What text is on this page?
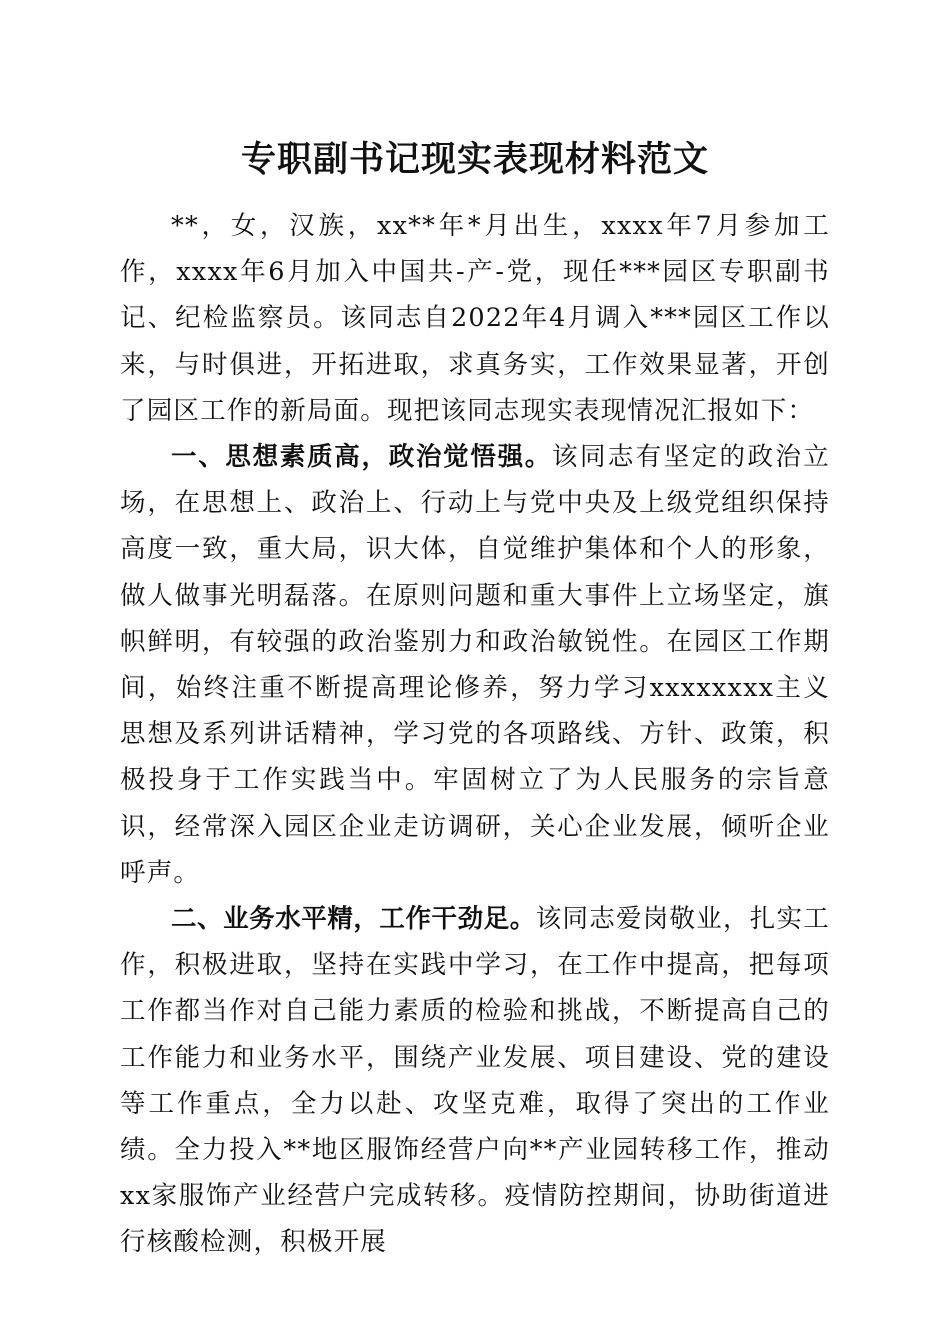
专职副书记现实表现材料范文

**，女，汉族，xx**年*月出生，xxxx年7月参加工作，xxxx年6月加入中国共-产-党，现任***园区专职副书记、纪检监察员。该同志自2022年4月调入***园区工作以来，与时俱进，开拓进取，求真务实，工作效果显著，开创了园区工作的新局面。现把该同志现实表现情况汇报如下：

一、思想素质高，政治觉悟强。该同志有坚定的政治立场，在思想上、政治上、行动上与党中央及上级党组织保持高度一致，重大局，识大体，自觉维护集体和个人的形象，做人做事光明磊落。在原则问题和重大事件上立场坚定，旗帜鲜明，有较强的政治鉴别力和政治敏锐性。在园区工作期间，始终注重不断提高理论修养，努力学习xxxxxxxx主义思想及系列讲话精神，学习党的各项路线、方针、政策，积极投身于工作实践当中。牢固树立了为人民服务的宗旨意识，经常深入园区企业走访调研，关心企业发展，倾听企业呼声。

二、业务水平精，工作干劲足。该同志爱岗敬业，扎实工作，积极进取，坚持在实践中学习，在工作中提高，把每项工作都当作对自己能力素质的检验和挑战，不断提高自己的工作能力和业务水平，围绕产业发展、项目建设、党的建设等工作重点，全力以赴、攻坚克难，取得了突出的工作业绩。全力投入**地区服饰经营户向**产业园转移工作，推动xx家服饰产业经营户完成转移。疫情防控期间，协助街道进行核酸检测，积极开展
